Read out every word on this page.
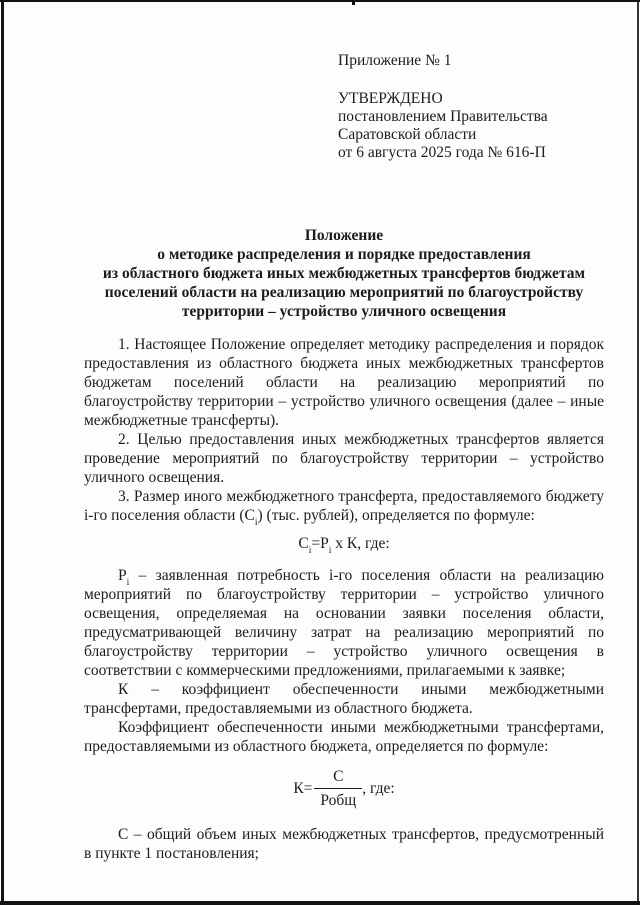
Приложение № 1
УТВЕРЖДЕНО
постановлением Правительства
Саратовской области
от 6 августа 2025 года № 616-П
Положение
о методике распределения и порядке предоставления
из областного бюджета иных межбюджетных трансфертов бюджетам
поселений области на реализацию мероприятий по благоустройству
территории – устройство уличного освещения

1. Настоящее Положение определяет методику распределения и порядок предоставления из областного бюджета иных межбюджетных трансфертов бюджетам поселений области на реализацию мероприятий по благоустройству территории – устройство уличного освещения (далее – иные межбюджетные трансферты).

2. Целью предоставления иных межбюджетных трансфертов является проведение мероприятий по благоустройству территории – устройство уличного освещения.

3. Размер иного межбюджетного трансферта, предоставляемого бюджету i-го поселения области $(С_i)$ (тыс. рублей), определяется по формуле:

$С_i=Р_i$ х К, где:

$Р_i$ – заявленная потребность i-го поселения области на реализацию мероприятий по благоустройству территории – устройство уличного освещения, определяемая на основании заявки поселения области, предусматривающей величину затрат на реализацию мероприятий по благоустройству территории – устройство уличного освещения в соответствии с коммерческими предложениями, прилагаемыми к заявке;

К – коэффициент обеспеченности иными межбюджетными трансфертами, предоставляемыми из областного бюджета.

Коэффициент обеспеченности иными межбюджетными трансфертами, предоставляемыми из областного бюджета, определяется по формуле:

$К= \frac{С}{\text{Робщ}}$ , где:

С – общий объем иных межбюджетных трансфертов, предусмотренный в пункте 1 постановления;
